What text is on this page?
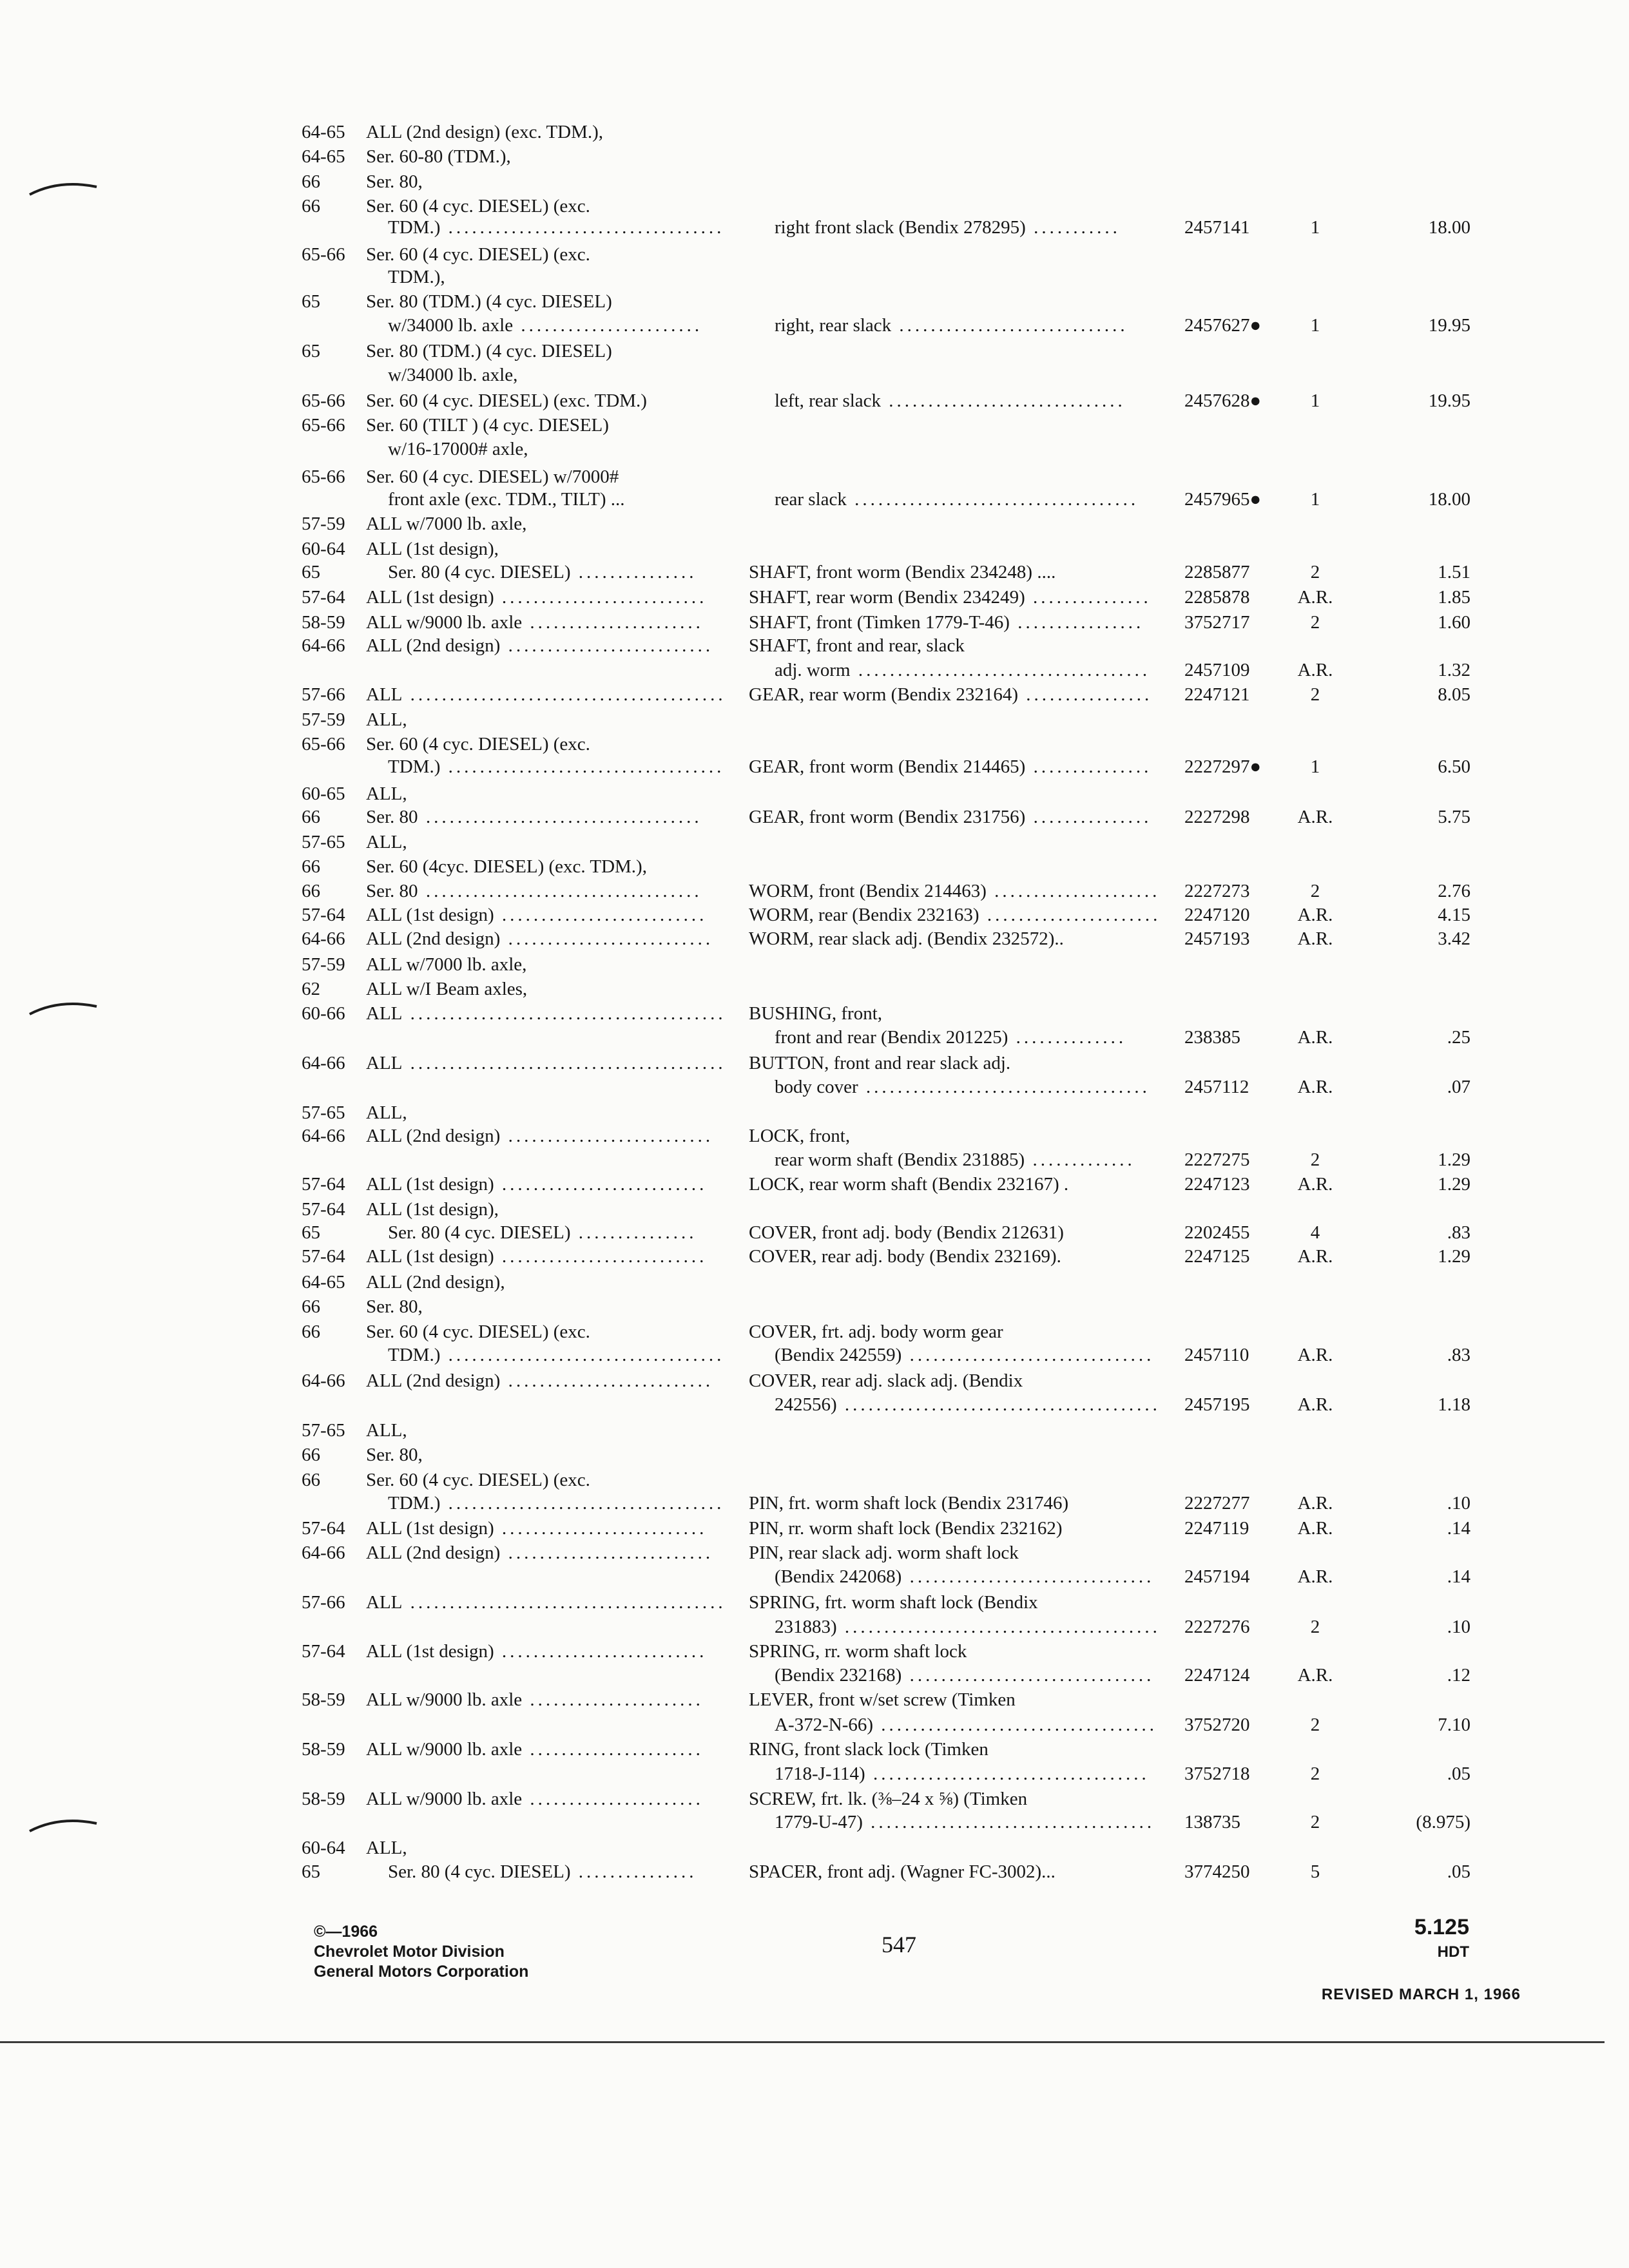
64-65 ALL (2nd design) (exc. TDM.),
64-65 Ser. 60-80 (TDM.),
66 Ser. 80,
66 Ser. 60 (4 cyc. DIESEL) (exc.
TDM.) ...................................	right front slack (Bendix 278295) ...........	2457141	1	18.00
65-66 Ser. 60 (4 cyc. DIESEL) (exc.
TDM.),
65 Ser. 80 (TDM.) (4 cyc. DIESEL)
w/34000 lb. axle .......................	right, rear slack .............................	2457627●	1	19.95
65 Ser. 80 (TDM.) (4 cyc. DIESEL)
w/34000 lb. axle,
65-66 Ser. 60 (4 cyc. DIESEL) (exc. TDM.)	left, rear slack ..............................	2457628●	1	19.95
65-66 Ser. 60 (TILT ) (4 cyc. DIESEL)
w/16-17000# axle,
65-66 Ser. 60 (4 cyc. DIESEL) w/7000#
front axle (exc. TDM., TILT) ...	rear slack .................................... 2457965●	1	18.00
57-59 ALL w/7000 lb. axle,
60-64 ALL (1st design),
65	Ser. 80 (4 cyc. DIESEL) ...............	SHAFT, front worm (Bendix 234248) ....	2285877	2	1.51
57-64 ALL (1st design) .......................... SHAFT, rear worm (Bendix 234249) ............... 2285878	A.R.	1.85
58-59 ALL w/9000 lb. axle ...................... SHAFT, front (Timken 1779-T-46) ................ 3752717	2	1.60
64-66 ALL (2nd design) .......................... SHAFT, front and rear, slack
adj. worm ..................................... 2457109	A.R.	1.32
57-66 ALL ........................................ GEAR, rear worm (Bendix 232164) ................ 2247121	2	8.05
57-59 ALL,
65-66 Ser. 60 (4 cyc. DIESEL) (exc.
TDM.) ................................... GEAR, front worm (Bendix 214465) ............... 2227297●	1	6.50
60-65 ALL,
66 Ser. 80 ................................... GEAR, front worm (Bendix 231756) ............... 2227298	A.R.	5.75
57-65 ALL,
66 Ser. 60 (4cyc. DIESEL) (exc. TDM.),
66 Ser. 80 ................................... WORM, front (Bendix 214463) ..................... 2227273	2	2.76
57-64 ALL (1st design) .......................... WORM, rear (Bendix 232163) ...................... 2247120	A.R.	4.15
64-66 ALL (2nd design) .......................... WORM, rear slack adj. (Bendix 232572)..	2457193	A.R.	3.42
57-59 ALL w/7000 lb. axle,
62 ALL w/I Beam axles,
60-66 ALL ........................................ BUSHING, front,
front and rear (Bendix 201225) ..............	238385	A.R.	.25
64-66 ALL ........................................ BUTTON, front and rear slack adj.
body cover .................................... 2457112	A.R.	.07
57-65 ALL,
64-66 ALL (2nd design) .......................... LOCK, front,
rear worm shaft (Bendix 231885) .............	2227275	2	1.29
57-64 ALL (1st design) .......................... LOCK, rear worm shaft (Bendix 232167) .	2247123	A.R.	1.29
57-64 ALL (1st design),
65	Ser. 80 (4 cyc. DIESEL) ...............	COVER, front adj. body (Bendix 212631)	2202455	4	.83
57-64 ALL (1st design) .......................... COVER, rear adj. body (Bendix 232169).	2247125	A.R.	1.29
64-65 ALL (2nd design),
66 Ser. 80,
66 Ser. 60 (4 cyc. DIESEL) (exc.	COVER, frt. adj. body worm gear
TDM.) ...................................	(Bendix 242559) ............................... 2457110	A.R.	.83
64-66 ALL (2nd design) .......................... COVER, rear adj. slack adj. (Bendix
242556) ........................................ 2457195	A.R.	1.18
57-65 ALL,
66 Ser. 80,
66 Ser. 60 (4 cyc. DIESEL) (exc.
TDM.) ................................... PIN, frt. worm shaft lock (Bendix 231746)	2227277	A.R.	.10
57-64 ALL (1st design) .......................... PIN, rr. worm shaft lock (Bendix 232162)	2247119	A.R.	.14
64-66 ALL (2nd design) .......................... PIN, rear slack adj. worm shaft lock
(Bendix 242068) ............................... 2457194	A.R.	.14
57-66 ALL ........................................ SPRING, frt. worm shaft lock (Bendix
231883) ........................................ 2227276	2	.10
57-64 ALL (1st design) .......................... SPRING, rr. worm shaft lock
(Bendix 232168) ............................... 2247124	A.R.	.12
58-59 ALL w/9000 lb. axle ...................... LEVER, front w/set screw (Timken
A-372-N-66) ................................... 3752720	2	7.10
58-59 ALL w/9000 lb. axle ...................... RING, front slack lock (Timken
1718-J-114) ................................... 3752718	2	.05
58-59 ALL w/9000 lb. axle ...................... SCREW, frt. lk. (⅜–24 x ⅝) (Timken
1779-U-47) .................................... 138735	2	(8.975)
60-64 ALL,
65	Ser. 80 (4 cyc. DIESEL) ...............	SPACER, front adj. (Wagner FC-3002)...	3774250	5	.05
©—1966
Chevrolet Motor Division
General Motors Corporation
547
5.125
HDT
REVISED MARCH 1, 1966
